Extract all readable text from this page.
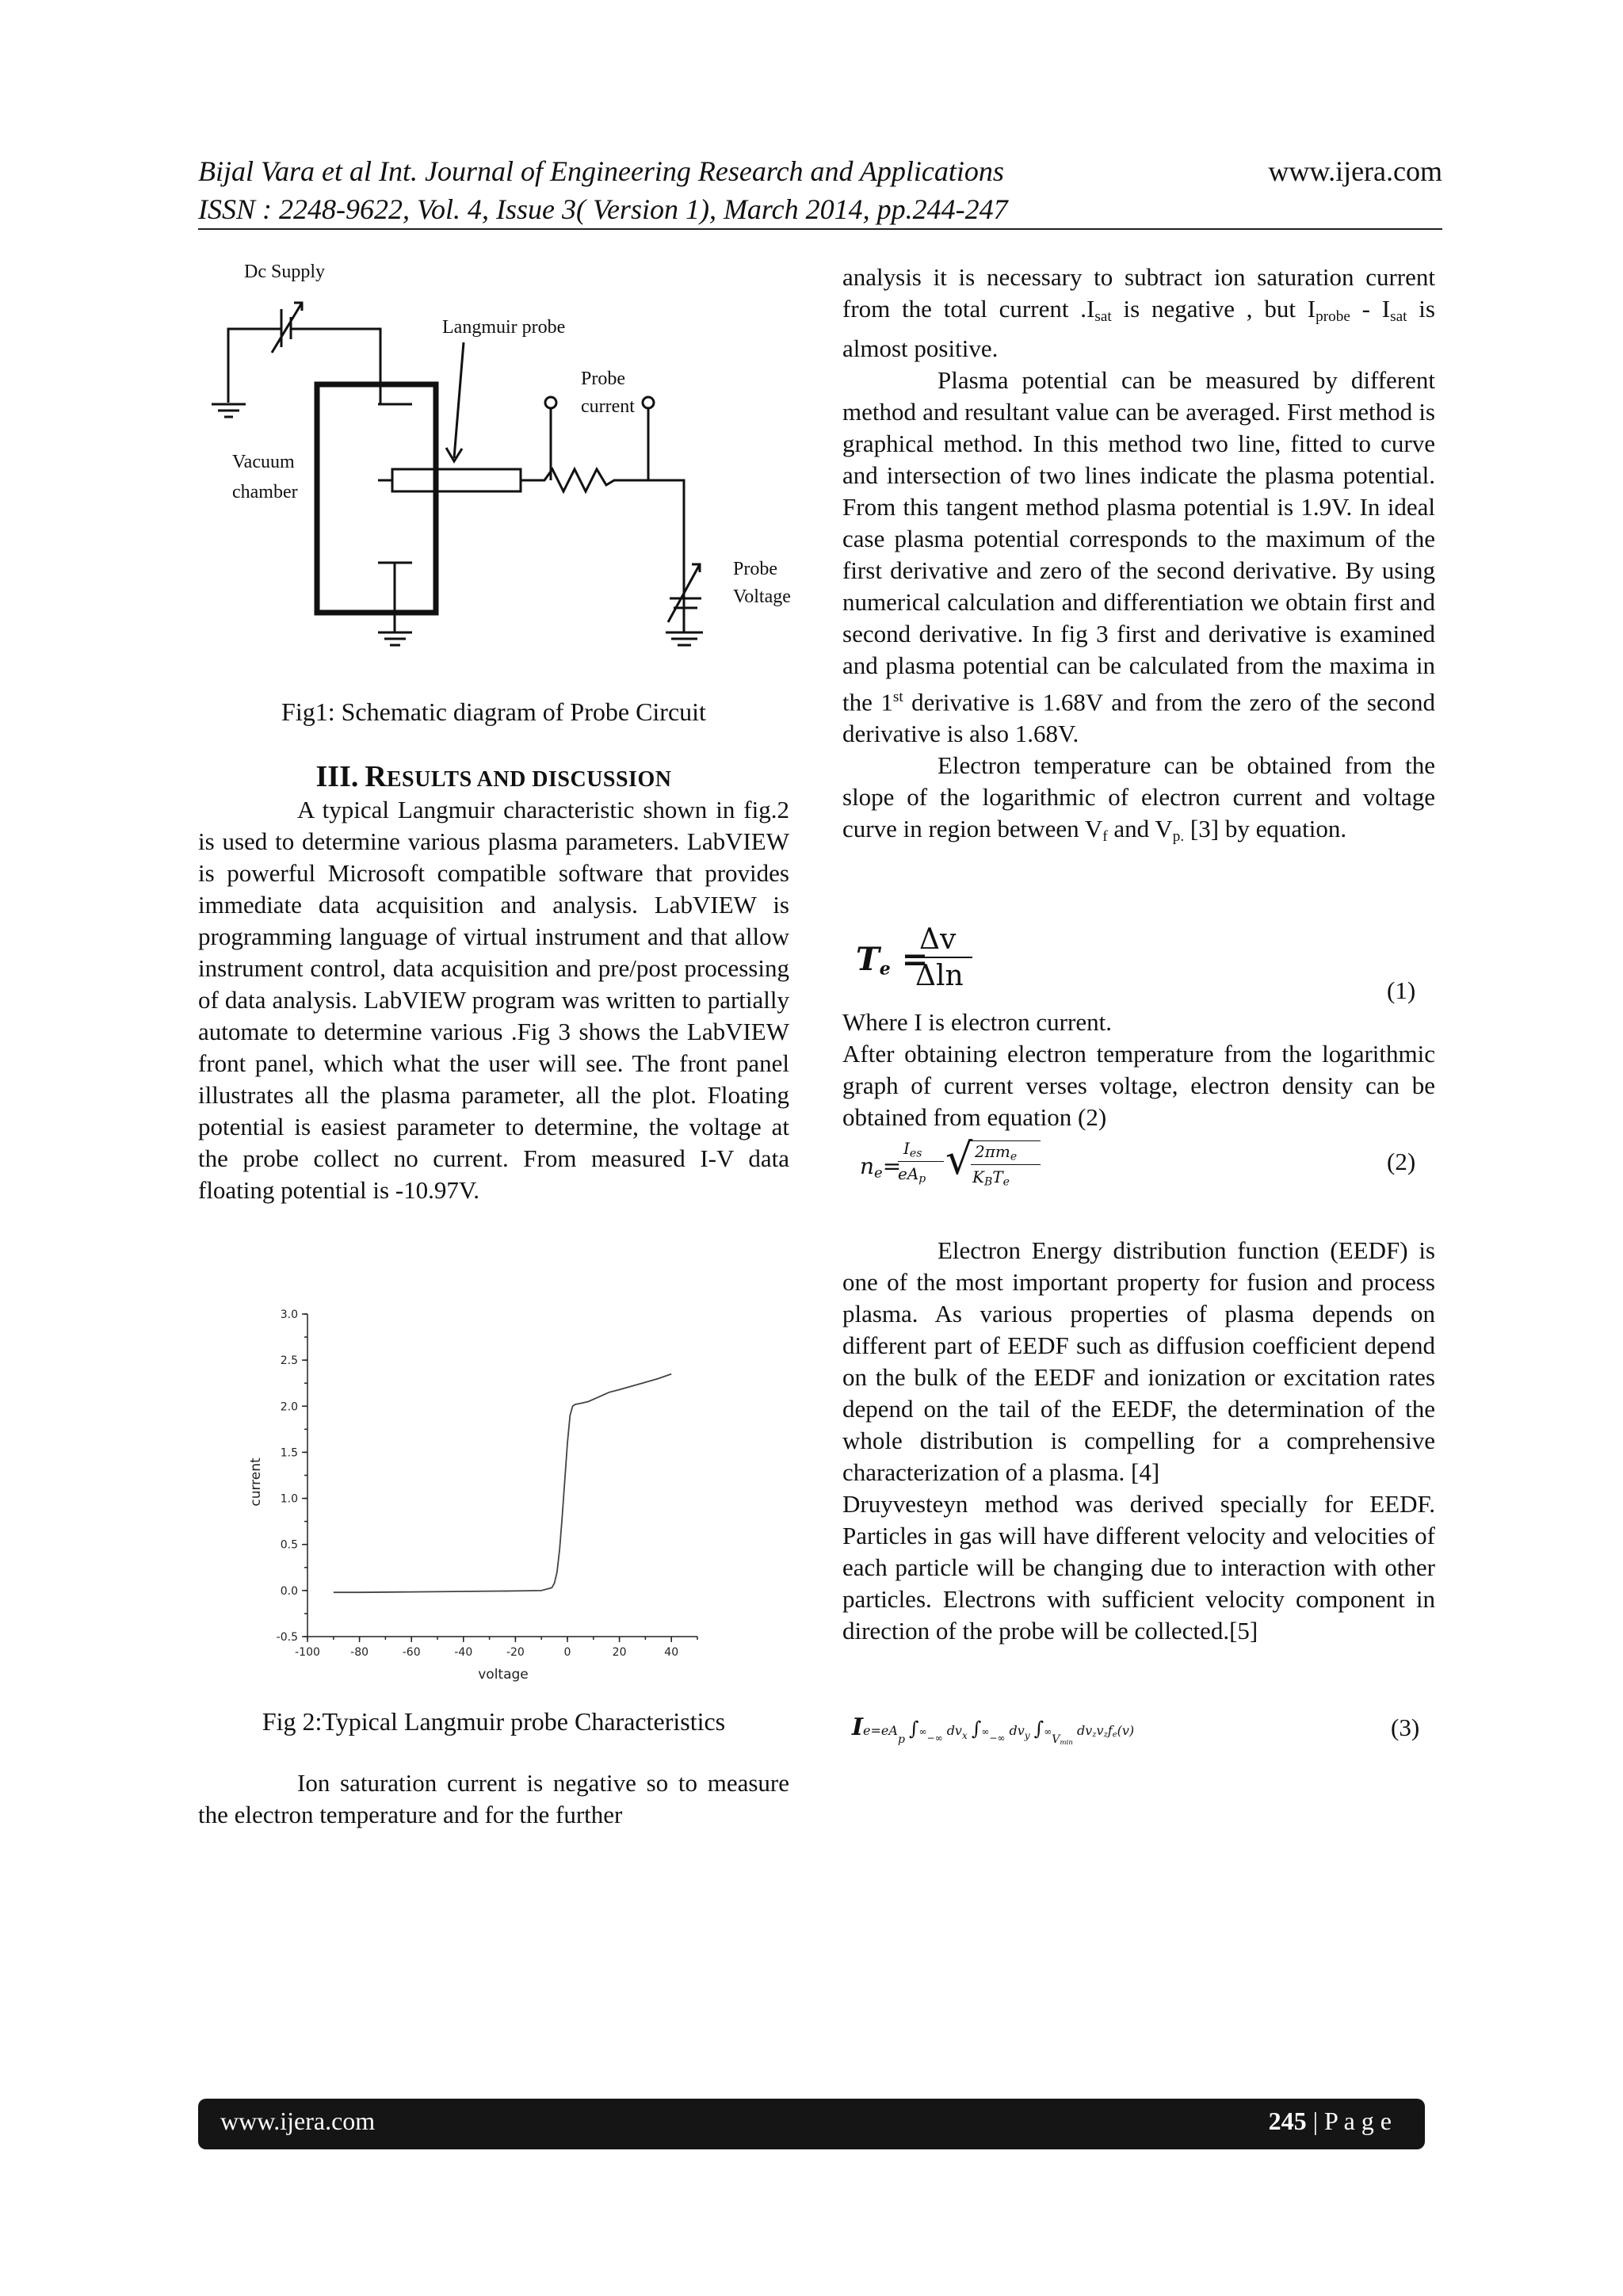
Bijal Vara et al Int. Journal of Engineering Research and Applications
ISSN : 2248-9622, Vol. 4, Issue 3( Version 1), March 2014, pp.244-247
www.ijera.com
Dc Supply
Langmuir probe
Probe
current
Vacuum
chamber
Probe
Voltage
Fig1: Schematic diagram of Probe Circuit
III. RESULTS AND DISCUSSION

A typical Langmuir characteristic shown in fig.2 is used to determine various plasma parameters. LabVIEW is powerful Microsoft compatible software that provides immediate data acquisition and analysis. LabVIEW is programming language of virtual instrument and that allow instrument control, data acquisition and pre/post processing of data analysis. LabVIEW program was written to partially automate to determine various .Fig 3 shows the LabVIEW front panel, which what the user will see. The front panel illustrates all the plasma parameter, all the plot. Floating potential is easiest parameter to determine, the voltage at the probe collect no current. From measured I-V data floating potential is -10.97V.

-100	-80	-60	-40	-20	0	20	40
-0.5
0.0
0.5
1.0
1.5
2.0
2.5
3.0
voltage
current
Fig 2:Typical Langmuir probe Characteristics

Ion saturation current is negative so to measure the electron temperature and for the further

analysis it is necessary to subtract ion saturation current from the total current $.I_{sat}$ is negative , but $I_{probe} - I_{sat}$ is almost positive.

Plasma potential can be measured by different method and resultant value can be averaged. First method is graphical method. In this method two line, fitted to curve and intersection of two lines indicate the plasma potential. From this tangent method plasma potential is 1.9V. In ideal case plasma potential corresponds to the maximum of the first derivative and zero of the second derivative. By using numerical calculation and differentiation we obtain first and second derivative. In fig 3 first and derivative is examined and plasma potential can be calculated from the maxima in the 1st derivative is 1.68V and from the zero of the second derivative is also 1.68V.

Electron temperature can be obtained from the slope of the logarithmic of electron current and voltage curve in region between $V_f$ and $V_{p.}$ [3] by equation.

$T_e$ =
Δv
Δln	(1)

Where I is electron current.

After obtaining electron temperature from the logarithmic graph of current verses voltage, electron density can be obtained from equation (2)

$n_e=$
$I_{es}$
$eA_p$ √ $2\pi m_e$
$K_BT_e$
(2)

Electron Energy distribution function (EEDF) is one of the most important property for fusion and process plasma. As various properties of plasma depends on different part of EEDF such as diffusion coefficient depend on the bulk of the EEDF and ionization or excitation rates depend on the tail of the EEDF, the determination of the whole distribution is compelling for a comprehensive characterization of a plasma. [4]

Druyvesteyn method was derived specially for EEDF. Particles in gas will have different velocity and velocities of each particle will be changing due to interaction with other particles. Electrons with sufficient velocity component in direction of the probe will be collected.[5]

Ie=eAp $\int\infty_{-\infty}$ $dv_x$ $\int\infty_{-\infty}$ $dv_y$ $\int\infty V_{min}$ $dv_zv_zf_e(v)$	(3)
www.ijera.com	245 | P a g e
